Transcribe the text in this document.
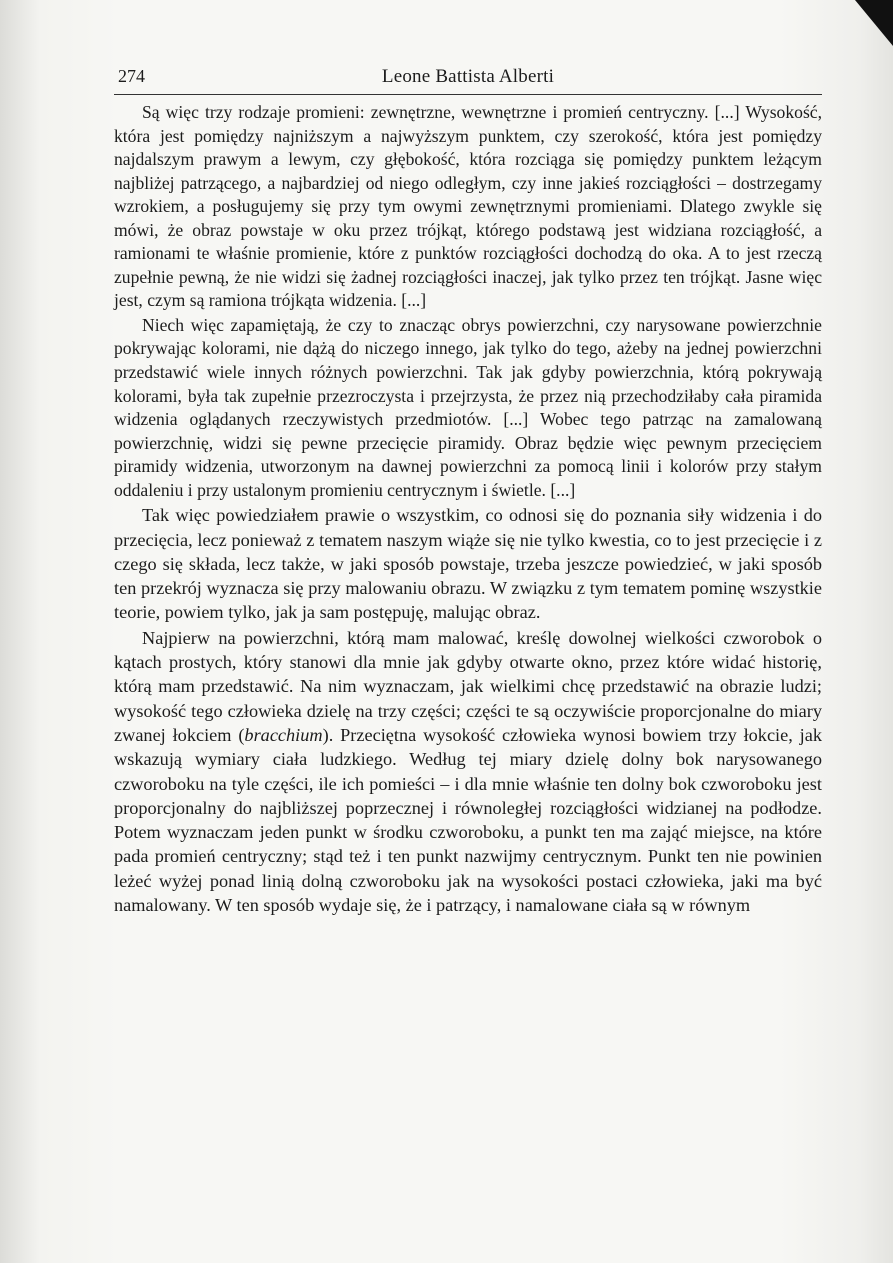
274	Leone Battista Alberti

Są więc trzy rodzaje promieni: zewnętrzne, wewnętrzne i promień centryczny. [...] Wysokość, która jest pomiędzy najniższym a najwyższym punktem, czy szerokość, która jest pomiędzy najdalszym prawym a lewym, czy głębokość, która rozciąga się pomiędzy punktem leżącym najbliżej patrzącego, a najbardziej od niego odległym, czy inne jakieś rozciągłości – dostrzegamy wzrokiem, a posługujemy się przy tym owymi zewnętrznymi promieniami. Dlatego zwykle się mówi, że obraz powstaje w oku przez trójkąt, którego podstawą jest widziana rozciągłość, a ramionami te właśnie promienie, które z punktów rozciągłości dochodzą do oka. A to jest rzeczą zupełnie pewną, że nie widzi się żadnej rozciągłości inaczej, jak tylko przez ten trójkąt. Jasne więc jest, czym są ramiona trójkąta widzenia. [...]

Niech więc zapamiętają, że czy to znacząc obrys powierzchni, czy narysowane powierzchnie pokrywając kolorami, nie dążą do niczego innego, jak tylko do tego, ażeby na jednej powierzchni przedstawić wiele innych różnych powierzchni. Tak jak gdyby powierzchnia, którą pokrywają kolorami, była tak zupełnie przezroczysta i przejrzysta, że przez nią przechodziłaby cała piramida widzenia oglądanych rzeczywistych przedmiotów. [...] Wobec tego patrząc na zamalowaną powierzchnię, widzi się pewne przecięcie piramidy. Obraz będzie więc pewnym przecięciem piramidy widzenia, utworzonym na dawnej powierzchni za pomocą linii i kolorów przy stałym oddaleniu i przy ustalonym promieniu centrycznym i świetle. [...]

Tak więc powiedziałem prawie o wszystkim, co odnosi się do poznania siły widzenia i do przecięcia, lecz ponieważ z tematem naszym wiąże się nie tylko kwestia, co to jest przecięcie i z czego się składa, lecz także, w jaki sposób powstaje, trzeba jeszcze powiedzieć, w jaki sposób ten przekrój wyznacza się przy malowaniu obrazu. W związku z tym tematem pominę wszystkie teorie, powiem tylko, jak ja sam postępuję, malując obraz.

Najpierw na powierzchni, którą mam malować, kreślę dowolnej wielkości czworobok o kątach prostych, który stanowi dla mnie jak gdyby otwarte okno, przez które widać historię, którą mam przedstawić. Na nim wyznaczam, jak wielkimi chcę przedstawić na obrazie ludzi; wysokość tego człowieka dzielę na trzy części; części te są oczywiście proporcjonalne do miary zwanej łokciem (bracchium). Przeciętna wysokość człowieka wynosi bowiem trzy łokcie, jak wskazują wymiary ciała ludzkiego. Według tej miary dzielę dolny bok narysowanego czworoboku na tyle części, ile ich pomieści – i dla mnie właśnie ten dolny bok czworoboku jest proporcjonalny do najbliższej poprzecznej i równoległej rozciągłości widzianej na podłodze. Potem wyznaczam jeden punkt w środku czworoboku, a punkt ten ma zająć miejsce, na które pada promień centryczny; stąd też i ten punkt nazwijmy centrycznym. Punkt ten nie powinien leżeć wyżej ponad linią dolną czworoboku jak na wysokości postaci człowieka, jaki ma być namalowany. W ten sposób wydaje się, że i patrzący, i namalowane ciała są w równym
